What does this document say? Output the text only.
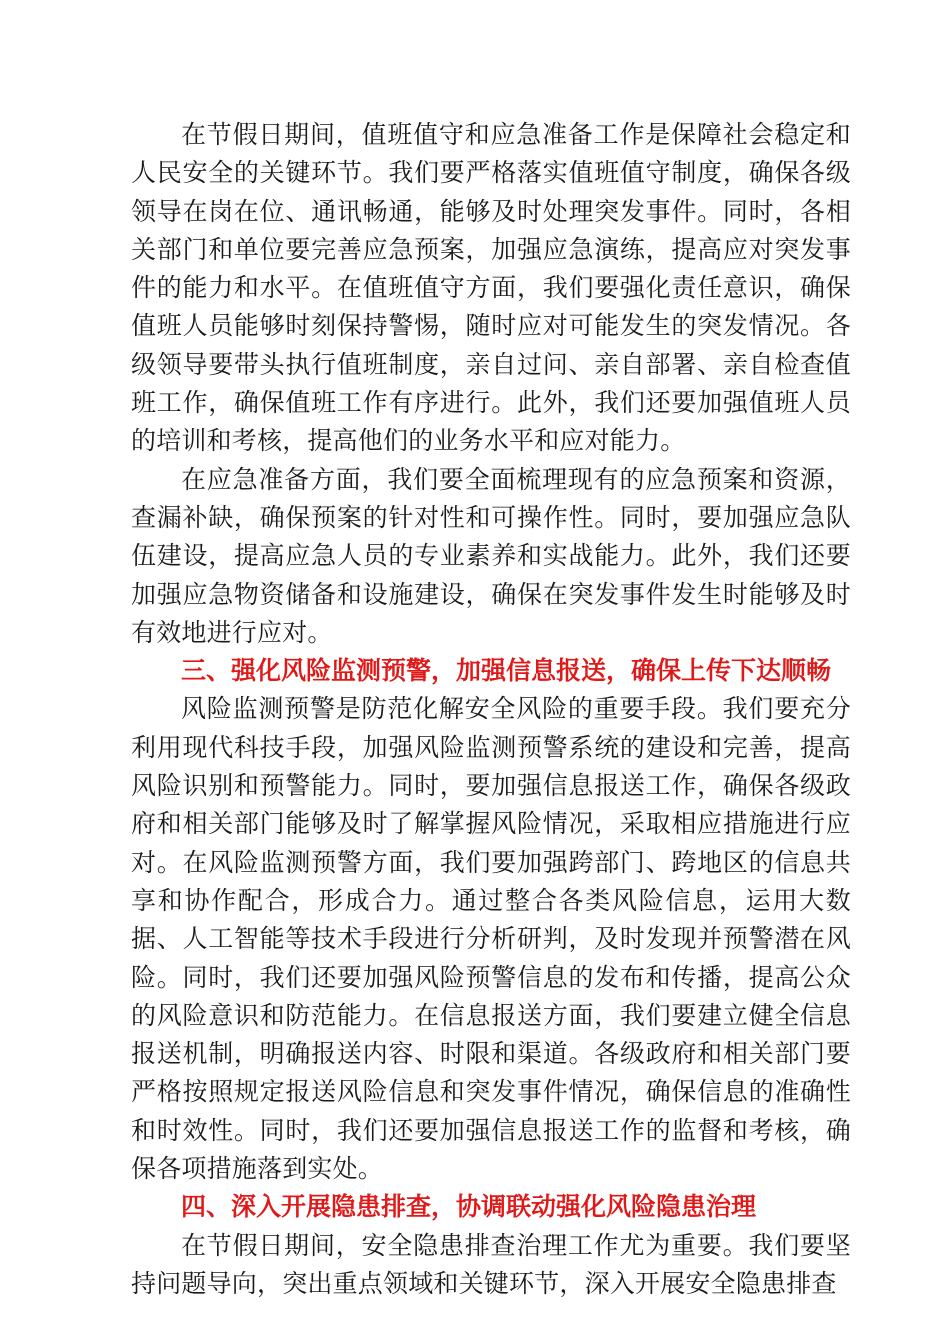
在节假日期间，值班值守和应急准备工作是保障社会稳定和人民安全的关键环节。我们要严格落实值班值守制度，确保各级领导在岗在位、通讯畅通，能够及时处理突发事件。同时，各相关部门和单位要完善应急预案，加强应急演练，提高应对突发事件的能力和水平。在值班值守方面，我们要强化责任意识，确保值班人员能够时刻保持警惕，随时应对可能发生的突发情况。各级领导要带头执行值班制度，亲自过问、亲自部署、亲自检查值班工作，确保值班工作有序进行。此外，我们还要加强值班人员的培训和考核，提高他们的业务水平和应对能力。

在应急准备方面，我们要全面梳理现有的应急预案和资源，查漏补缺，确保预案的针对性和可操作性。同时，要加强应急队伍建设，提高应急人员的专业素养和实战能力。此外，我们还要加强应急物资储备和设施建设，确保在突发事件发生时能够及时有效地进行应对。

三、强化风险监测预警，加强信息报送，确保上传下达顺畅

风险监测预警是防范化解安全风险的重要手段。我们要充分利用现代科技手段，加强风险监测预警系统的建设和完善，提高风险识别和预警能力。同时，要加强信息报送工作，确保各级政府和相关部门能够及时了解掌握风险情况，采取相应措施进行应对。在风险监测预警方面，我们要加强跨部门、跨地区的信息共享和协作配合，形成合力。通过整合各类风险信息，运用大数据、人工智能等技术手段进行分析研判，及时发现并预警潜在风险。同时，我们还要加强风险预警信息的发布和传播，提高公众的风险意识和防范能力。在信息报送方面，我们要建立健全信息报送机制，明确报送内容、时限和渠道。各级政府和相关部门要严格按照规定报送风险信息和突发事件情况，确保信息的准确性和时效性。同时，我们还要加强信息报送工作的监督和考核，确保各项措施落到实处。

四、深入开展隐患排查，协调联动强化风险隐患治理

在节假日期间，安全隐患排查治理工作尤为重要。我们要坚持问题导向，突出重点领域和关键环节，深入开展安全隐患排查
